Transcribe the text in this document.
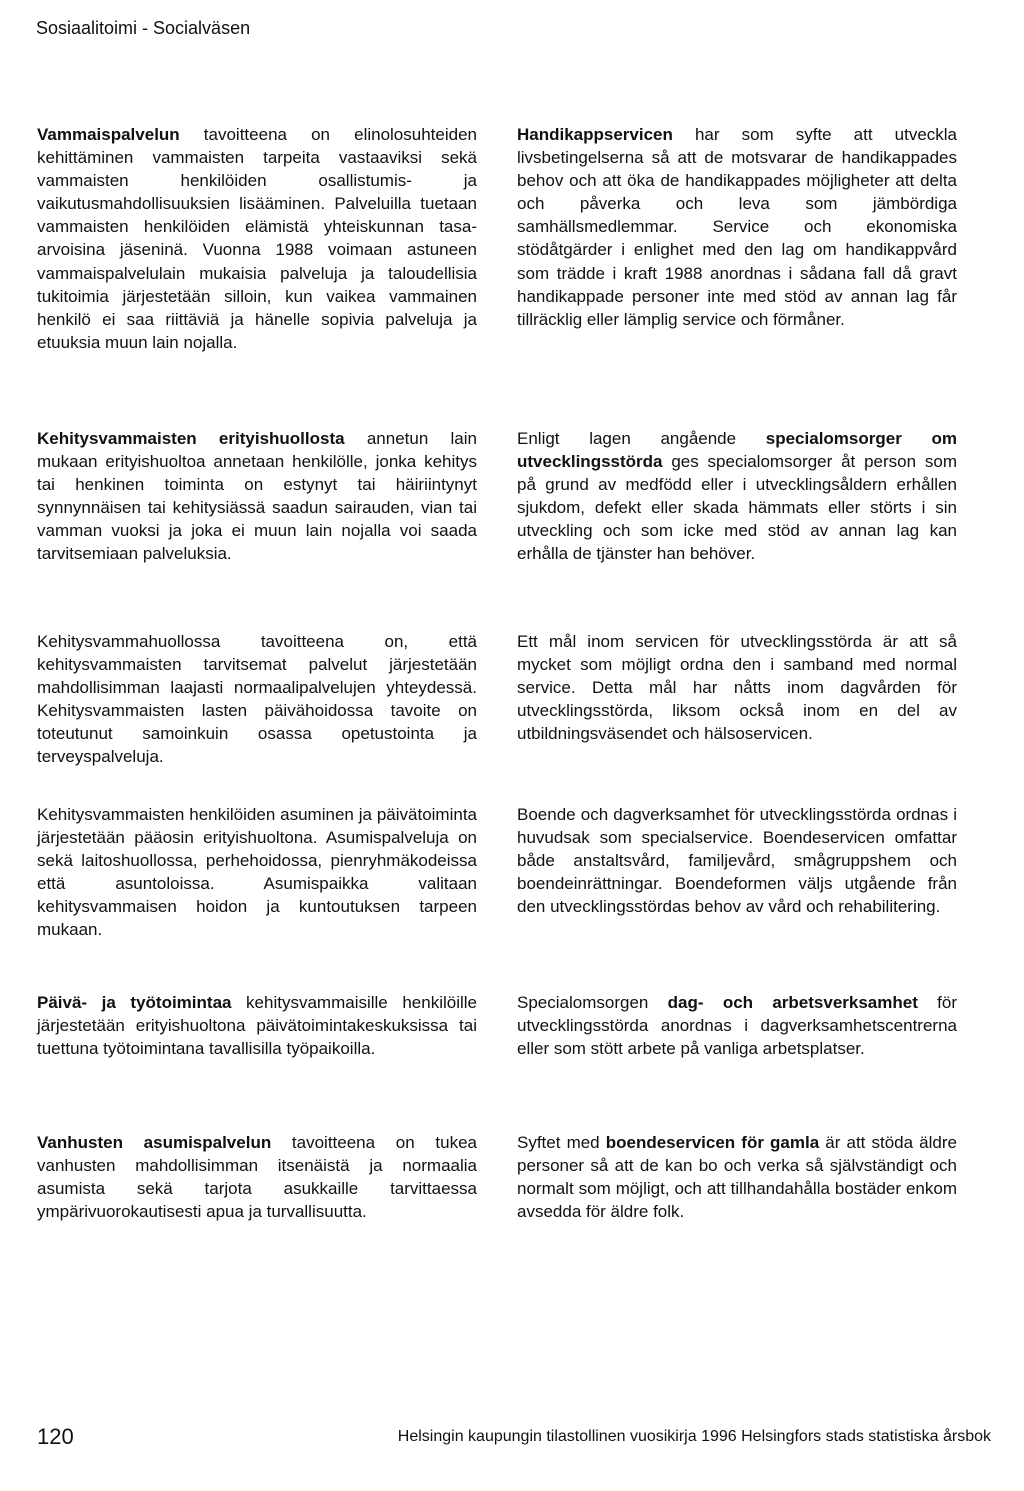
Sosiaalitoimi - Socialväsen

Vammaispalvelun tavoitteena on elinolosuhteiden kehittäminen vammaisten tarpeita vastaaviksi sekä vammaisten henkilöiden osallistumis- ja vaikutusmahdollisuuksien lisääminen. Palveluilla tuetaan vammaisten henkilöiden elämistä yhteiskunnan tasa-arvoisina jäseninä. Vuonna 1988 voimaan astuneen vammaispalvelulain mukaisia palveluja ja taloudellisia tukitoimia järjestetään silloin, kun vaikea vammainen henkilö ei saa riittäviä ja hänelle sopivia palveluja ja etuuksia muun lain nojalla.

Kehitysvammaisten erityishuollosta annetun lain mukaan erityishuoltoa annetaan henkilölle, jonka kehitys tai henkinen toiminta on estynyt tai häiriintynyt synnynnäisen tai kehitysiässä saadun sairauden, vian tai vamman vuoksi ja joka ei muun lain nojalla voi saada tarvitsemiaan palveluksia.

Kehitysvammahuollossa tavoitteena on, että kehitysvammaisten tarvitsemat palvelut järjestetään mahdollisimman laajasti normaalipalvelujen yhteydessä. Kehitysvammaisten lasten päivähoidossa tavoite on toteutunut samoinkuin osassa opetustointa ja terveyspalveluja.

Kehitysvammaisten henkilöiden asuminen ja päivätoiminta järjestetään pääosin erityishuoltona. Asumispalveluja on sekä laitoshuollossa, perhehoidossa, pienryhmäkodeissa että asuntoloissa. Asumispaikka valitaan kehitysvammaisen hoidon ja kuntoutuksen tarpeen mukaan.

Päivä- ja työtoimintaa kehitysvammaisille henkilöille järjestetään erityishuoltona päivätoimintakeskuksissa tai tuettuna työtoimintana tavallisilla työpaikoilla.

Vanhusten asumispalvelun tavoitteena on tukea vanhusten mahdollisimman itsenäistä ja normaalia asumista sekä tarjota asukkaille tarvittaessa ympärivuorokautisesti apua ja turvallisuutta.

Handikappservicen har som syfte att utveckla livsbetingelserna så att de motsvarar de handikappades behov och att öka de handikappades möjligheter att delta och påverka och leva som jämbördiga samhällsmedlemmar. Service och ekonomiska stödåtgärder i enlighet med den lag om handikappvård som trädde i kraft 1988 anordnas i sådana fall då gravt handikappade personer inte med stöd av annan lag får tillräcklig eller lämplig service och förmåner.

Enligt lagen angående specialomsorger om utvecklingsstörda ges specialomsorger åt person som på grund av medfödd eller i utvecklingsåldern erhållen sjukdom, defekt eller skada hämmats eller störts i sin utveckling och som icke med stöd av annan lag kan erhålla de tjänster han behöver.

Ett mål inom servicen för utvecklingsstörda är att så mycket som möjligt ordna den i samband med normal service. Detta mål har nåtts inom dagvården för utvecklingsstörda, liksom också inom en del av utbildningsväsendet och hälsoservicen.

Boende och dagverksamhet för utvecklingsstörda ordnas i huvudsak som specialservice. Boendeservicen omfattar både anstaltsvård, familjevård, smågruppshem och boendeinrättningar. Boendeformen väljs utgående från den utvecklingsstördas behov av vård och rehabilitering.

Specialomsorgen dag- och arbetsverksamhet för utvecklingsstörda anordnas i dagverksamhetscentrerna eller som stött arbete på vanliga arbetsplatser.

Syftet med boendeservicen för gamla är att stöda äldre personer så att de kan bo och verka så självständigt och normalt som möjligt, och att tillhandahålla bostäder enkom avsedda för äldre folk.

120	Helsingin kaupungin tilastollinen vuosikirja 1996 Helsingfors stads statistiska årsbok
